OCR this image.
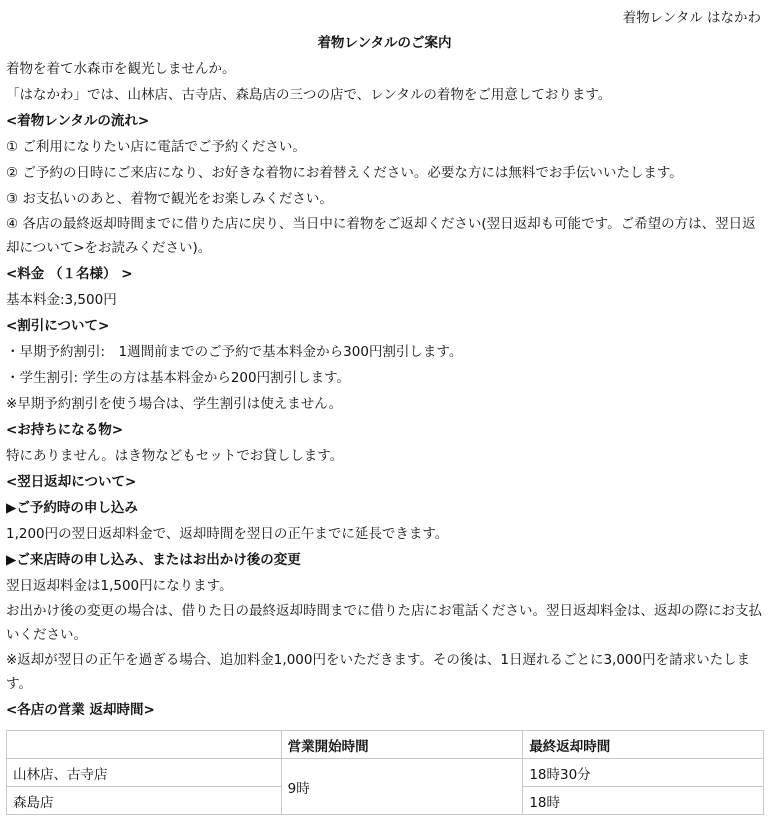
着物レンタル はなかわ
着物レンタルのご案内
着物を着て水森市を観光しませんか。
「はなかわ」では、山林店、古寺店、森島店の三つの店で、レンタルの着物をご用意しております。
<着物レンタルの流れ>
① ご利用になりたい店に電話でご予約ください。
② ご予約の日時にご来店になり、お好きな着物にお着替えください。必要な方には無料でお手伝いいたします。
③ お支払いのあと、着物で観光をお楽しみください。
④ 各店の最終返却時間までに借りた店に戻り、当日中に着物をご返却ください(翌日返却も可能です。ご希望の方は、翌日返却について>をお読みください)。
<料金 （１名様） >
基本料金:3,500円
<割引について>
・早期予約割引:　1週間前までのご予約で基本料金から300円割引します。
・学生割引: 学生の方は基本料金から200円割引します。
※早期予約割引を使う場合は、学生割引は使えません。
<お持ちになる物>
特にありません。はき物などもセットでお貸しします。
<翌日返却について>
▶ご予約時の申し込み
1,200円の翌日返却料金で、返却時間を翌日の正午までに延長できます。
▶ご来店時の申し込み、またはお出かけ後の変更
翌日返却料金は1,500円になります。
お出かけ後の変更の場合は、借りた日の最終返却時間までに借りた店にお電話ください。翌日返却料金は、返却の際にお支払いください。
※返却が翌日の正午を過ぎる場合、追加料金1,000円をいただきます。その後は、1日遅れるごとに3,000円を請求いたします。
<各店の営業 返却時間>
	営業開始時間	最終返却時間
山林店、古寺店	9時	18時30分
森島店		18時
